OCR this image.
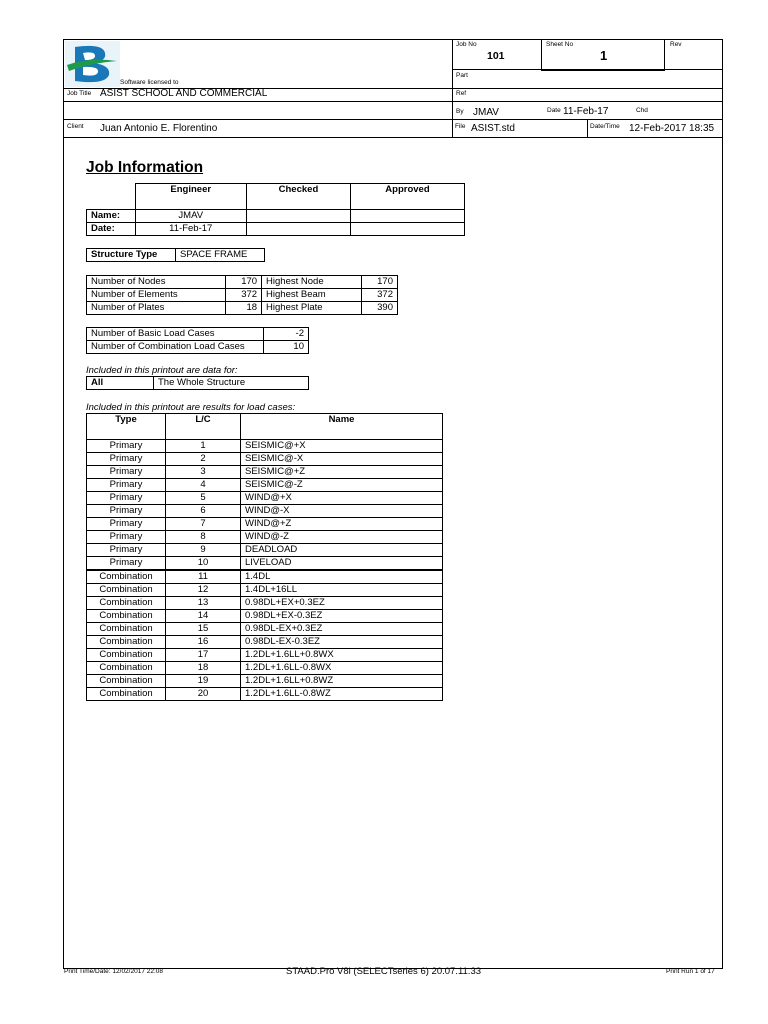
Software licensed to
Job No
101
Sheet No
1
Rev
Part
Ref
Job Title ASIST SCHOOL AND COMMERCIAL
By JMAV	Date 11-Feb-17	Chd
Client Juan Antonio E. Florentino	File ASIST.std	Date/Time 12-Feb-2017 18:35
Job Information
	Engineer	Checked	Approved
Name:	JMAV		
Date:	11-Feb-17		
Structure Type	SPACE FRAME
Number of Nodes	170	Highest Node	170
Number of Elements	372	Highest Beam	372
Number of Plates	18	Highest Plate	390
Number of Basic Load Cases	-2
Number of Combination Load Cases	10
Included in this printout are data for:
All	The Whole Structure
Included in this printout are results for load cases:
Type	L/C	Name
Primary	1	SEISMIC@+X
Primary	2	SEISMIC@-X
Primary	3	SEISMIC@+Z
Primary	4	SEISMIC@-Z
Primary	5	WIND@+X
Primary	6	WIND@-X
Primary	7	WIND@+Z
Primary	8	WIND@-Z
Primary	9	DEADLOAD
Primary	10	LIVELOAD
Combination	11	1.4DL
Combination	12	1.4DL+16LL
Combination	13	0.98DL+EX+0.3EZ
Combination	14	0.98DL+EX-0.3EZ
Combination	15	0.98DL-EX+0.3EZ
Combination	16	0.98DL-EX-0.3EZ
Combination	17	1.2DL+1.6LL+0.8WX
Combination	18	1.2DL+1.6LL-0.8WX
Combination	19	1.2DL+1.6LL+0.8WZ
Combination	20	1.2DL+1.6LL-0.8WZ
Print Time/Date: 12/02/2017 22:08	STAAD.Pro V8i (SELECTseries 6) 20.07.11.33	Print Run 1 of 17
